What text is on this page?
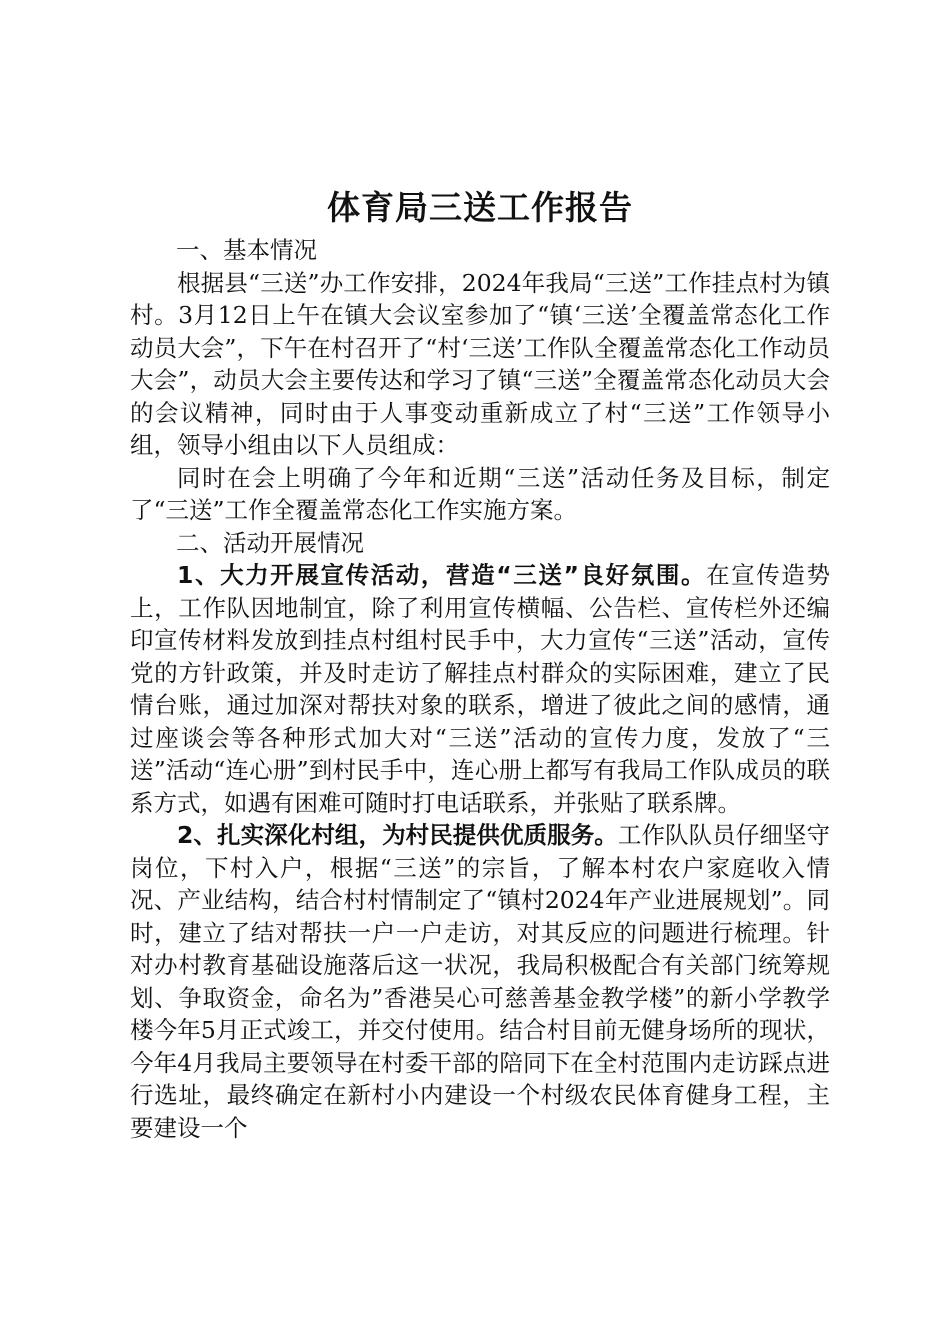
体育局三送工作报告

一、基本情况

根据县“三送”办工作安排，2024年我局“三送”工作挂点村为镇村。3月12日上午在镇大会议室参加了“镇‘三送’全覆盖常态化工作动员大会”，下午在村召开了“村‘三送’工作队全覆盖常态化工作动员大会”，动员大会主要传达和学习了镇“三送”全覆盖常态化动员大会的会议精神，同时由于人事变动重新成立了村“三送”工作领导小组，领导小组由以下人员组成：

同时在会上明确了今年和近期“三送”活动任务及目标，制定了“三送”工作全覆盖常态化工作实施方案。

二、活动开展情况

1、大力开展宣传活动，营造“三送”良好氛围。在宣传造势上，工作队因地制宜，除了利用宣传横幅、公告栏、宣传栏外还编印宣传材料发放到挂点村组村民手中，大力宣传“三送”活动，宣传党的方针政策，并及时走访了解挂点村群众的实际困难，建立了民情台账，通过加深对帮扶对象的联系，增进了彼此之间的感情，通过座谈会等各种形式加大对“三送”活动的宣传力度，发放了“三送”活动“连心册”到村民手中，连心册上都写有我局工作队成员的联系方式，如遇有困难可随时打电话联系，并张贴了联系牌。

2、扎实深化村组，为村民提供优质服务。工作队队员仔细坚守岗位，下村入户，根据“三送”的宗旨，了解本村农户家庭收入情况、产业结构，结合村村情制定了“镇村2024年产业进展规划”。同时，建立了结对帮扶一户一户走访，对其反应的问题进行梳理。针对办村教育基础设施落后这一状况，我局积极配合有关部门统筹规划、争取资金，命名为”香港吴心可慈善基金教学楼”的新小学教学楼今年5月正式竣工，并交付使用。结合村目前无健身场所的现状，今年4月我局主要领导在村委干部的陪同下在全村范围内走访踩点进行选址，最终确定在新村小内建设一个村级农民体育健身工程，主要建设一个
